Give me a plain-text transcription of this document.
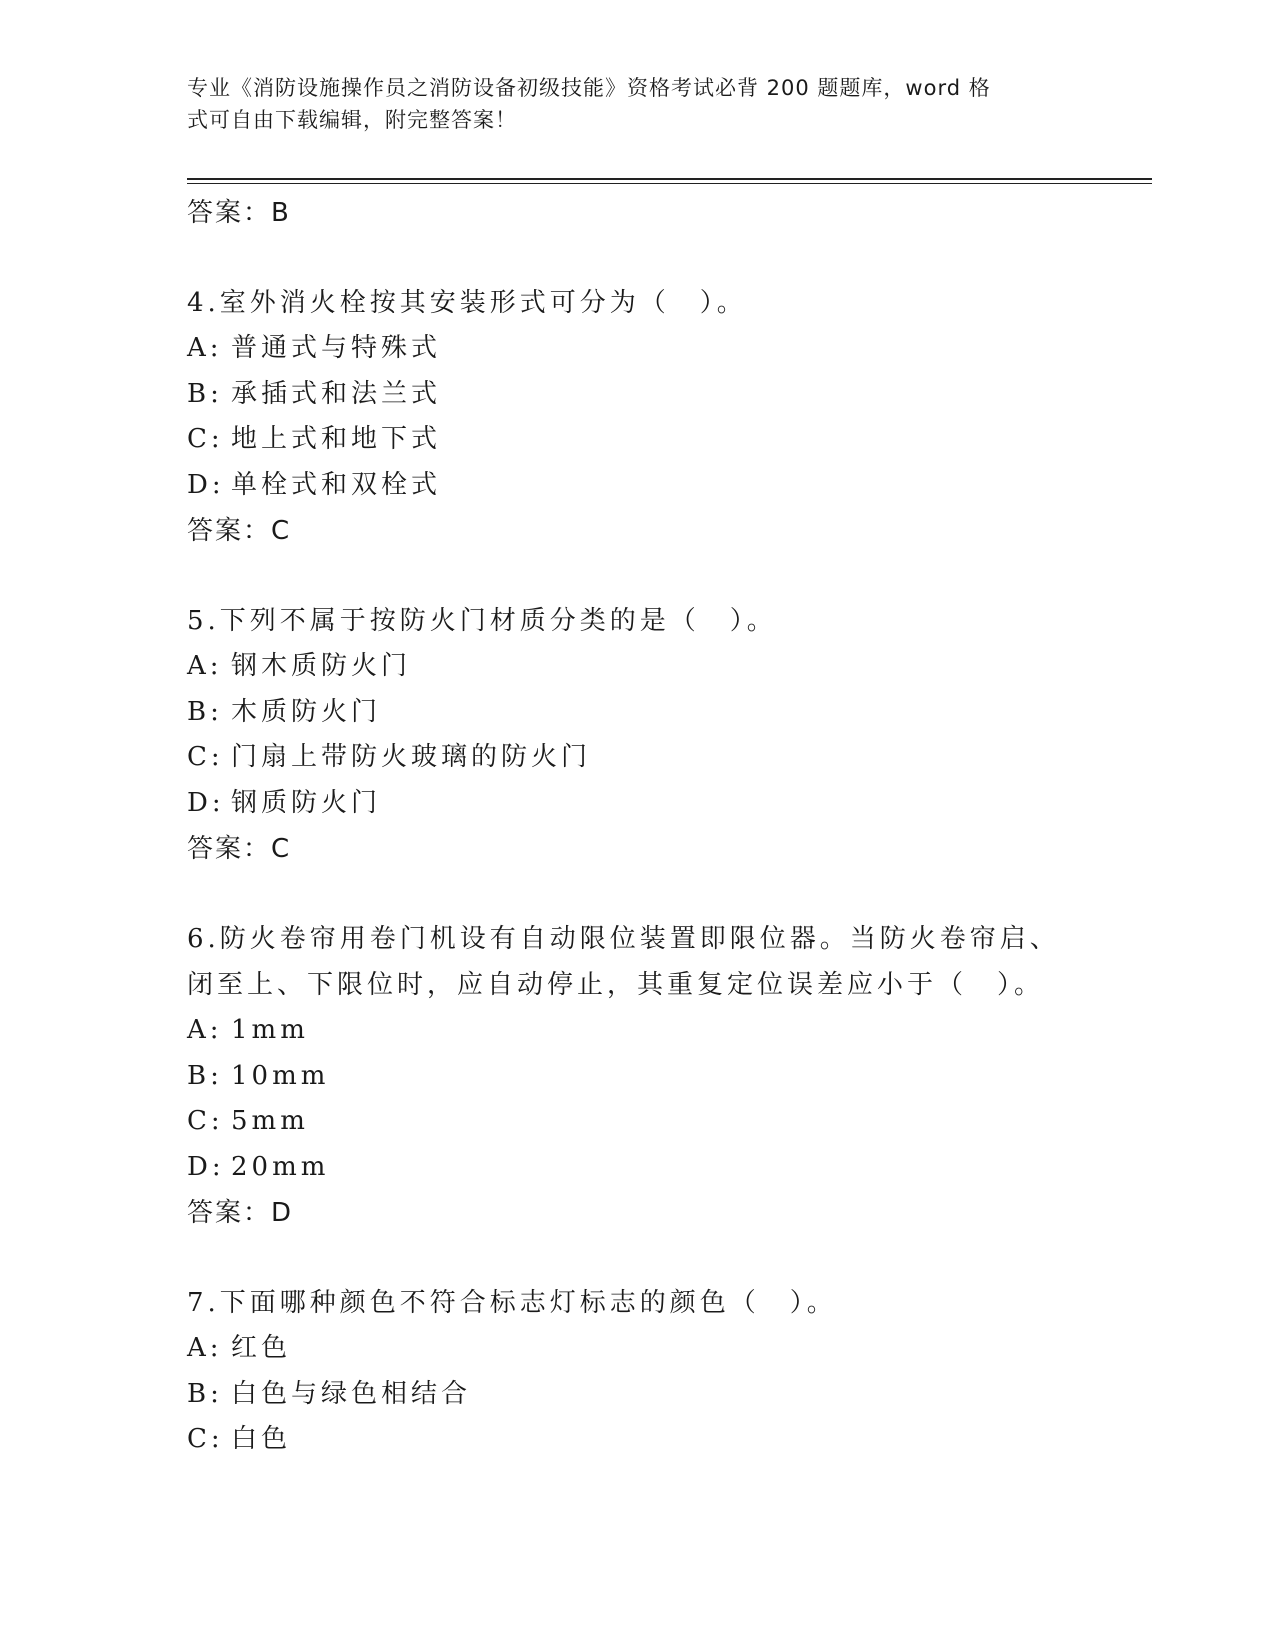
专业《消防设施操作员之消防设备初级技能》资格考试必背 200 题题库，word 格
式可自由下载编辑，附完整答案！
答案：B
4.室外消火栓按其安装形式可分为（　）。
A: 普通式与特殊式
B: 承插式和法兰式
C: 地上式和地下式
D: 单栓式和双栓式
答案：C
5.下列不属于按防火门材质分类的是（　）。
A: 钢木质防火门
B: 木质防火门
C: 门扇上带防火玻璃的防火门
D: 钢质防火门
答案：C
6.防火卷帘用卷门机设有自动限位装置即限位器。当防火卷帘启、闭至上、下限位时，应自动停止，其重复定位误差应小于（　）。
A: 1mm
B: 10mm
C: 5mm
D: 20mm
答案：D
7.下面哪种颜色不符合标志灯标志的颜色（　）。
A: 红色
B: 白色与绿色相结合
C: 白色
